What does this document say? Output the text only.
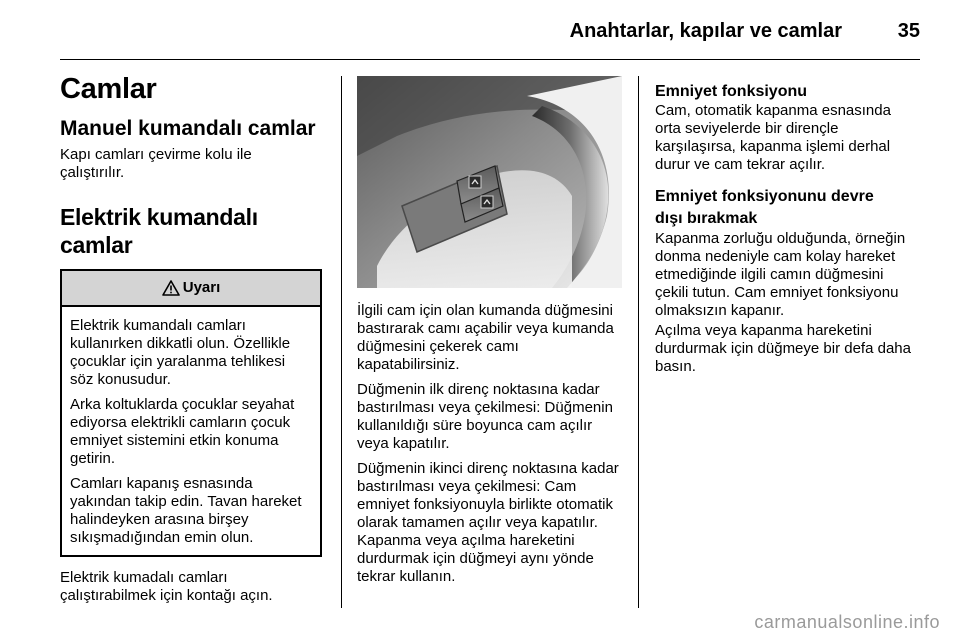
Anahtarlar, kapılar ve camlar	35
Camlar
Manuel kumandalı camlar
Kapı camları çevirme kolu ile çalıştırılır.
Elektrik kumandalı camlar
Uyarı
Elektrik kumandalı camları kullanırken dikkatli olun. Özellikle çocuklar için yaralanma tehlikesi söz konusudur.
Arka koltuklarda çocuklar seyahat ediyorsa elektrikli camların çocuk emniyet sistemini etkin konuma getirin.
Camları kapanış esnasında yakından takip edin. Tavan hareket halindeyken arasına birşey sıkışmadığından emin olun.
Elektrik kumadalı camları çalıştırabilmek için kontağı açın.
İlgili cam için olan kumanda düğmesini bastırarak camı açabilir veya kumanda düğmesini çekerek camı kapatabilirsiniz.
Düğmenin ilk direnç noktasına kadar bastırılması veya çekilmesi: Düğmenin kullanıldığı süre boyunca cam açılır veya kapatılır.
Düğmenin ikinci direnç noktasına kadar bastırılması veya çekilmesi: Cam emniyet fonksiyonuyla birlikte otomatik olarak tamamen açılır veya kapatılır. Kapanma veya açılma hareketini durdurmak için düğmeyi aynı yönde tekrar kullanın.
Emniyet fonksiyonu
Cam, otomatik kapanma esnasında orta seviyelerde bir dirençle karşılaşırsa, kapanma işlemi derhal durur ve cam tekrar açılır.
Emniyet fonksiyonunu devre dışı bırakmak
Kapanma zorluğu olduğunda, örneğin donma nedeniyle cam kolay hareket etmediğinde ilgili camın düğmesini çekili tutun. Cam emniyet fonksiyonu olmaksızın kapanır.
Açılma veya kapanma hareketini durdurmak için düğmeye bir defa daha basın.
carmanualsonline.info
